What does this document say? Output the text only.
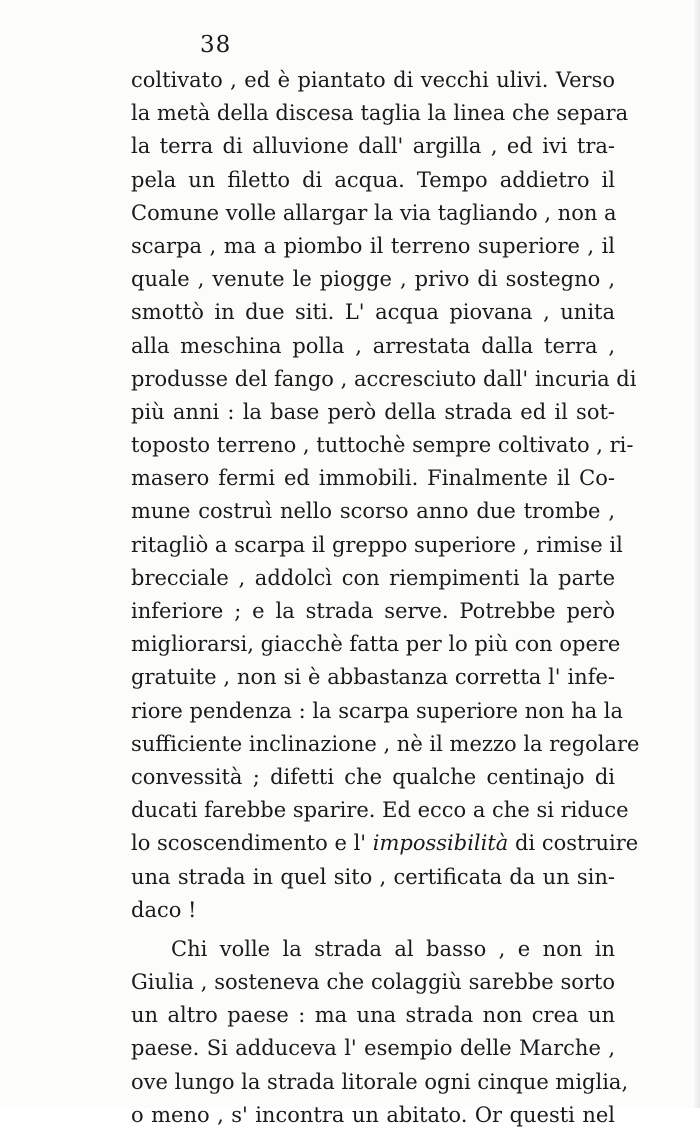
38
coltivato , ed è piantato di vecchi ulivi. Verso
la metà della discesa taglia la linea che separa
la terra di alluvione dall' argilla , ed ivi tra-
pela un filetto di acqua. Tempo addietro il
Comune volle allargar la via tagliando , non a
scarpa , ma a piombo il terreno superiore , il
quale , venute le piogge , privo di sostegno ,
smottò in due siti. L' acqua piovana , unita
alla meschina polla , arrestata dalla terra ,
produsse del fango , accresciuto dall' incuria di
più anni : la base però della strada ed il sot-
toposto terreno , tuttochè sempre coltivato , ri-
masero fermi ed immobili. Finalmente il Co-
mune costruì nello scorso anno due trombe ,
ritagliò a scarpa il greppo superiore , rimise il
brecciale , addolcì con riempimenti la parte
inferiore ; e la strada serve. Potrebbe però
migliorarsi, giacchè fatta per lo più con opere
gratuite , non si è abbastanza corretta l' infe-
riore pendenza : la scarpa superiore non ha la
sufficiente inclinazione , nè il mezzo la regolare
convessità ; difetti che qualche centinajo di
ducati farebbe sparire. Ed ecco a che si riduce
lo scoscendimento e l' impossibilità di costruire
una strada in quel sito , certificata da un sin-
daco !
Chi volle la strada al basso , e non in
Giulia , sosteneva che colaggiù sarebbe sorto
un altro paese : ma una strada non crea un
paese. Si adduceva l' esempio delle Marche ,
ove lungo la strada litorale ogni cinque miglia,
o meno , s' incontra un abitato. Or questi nel
